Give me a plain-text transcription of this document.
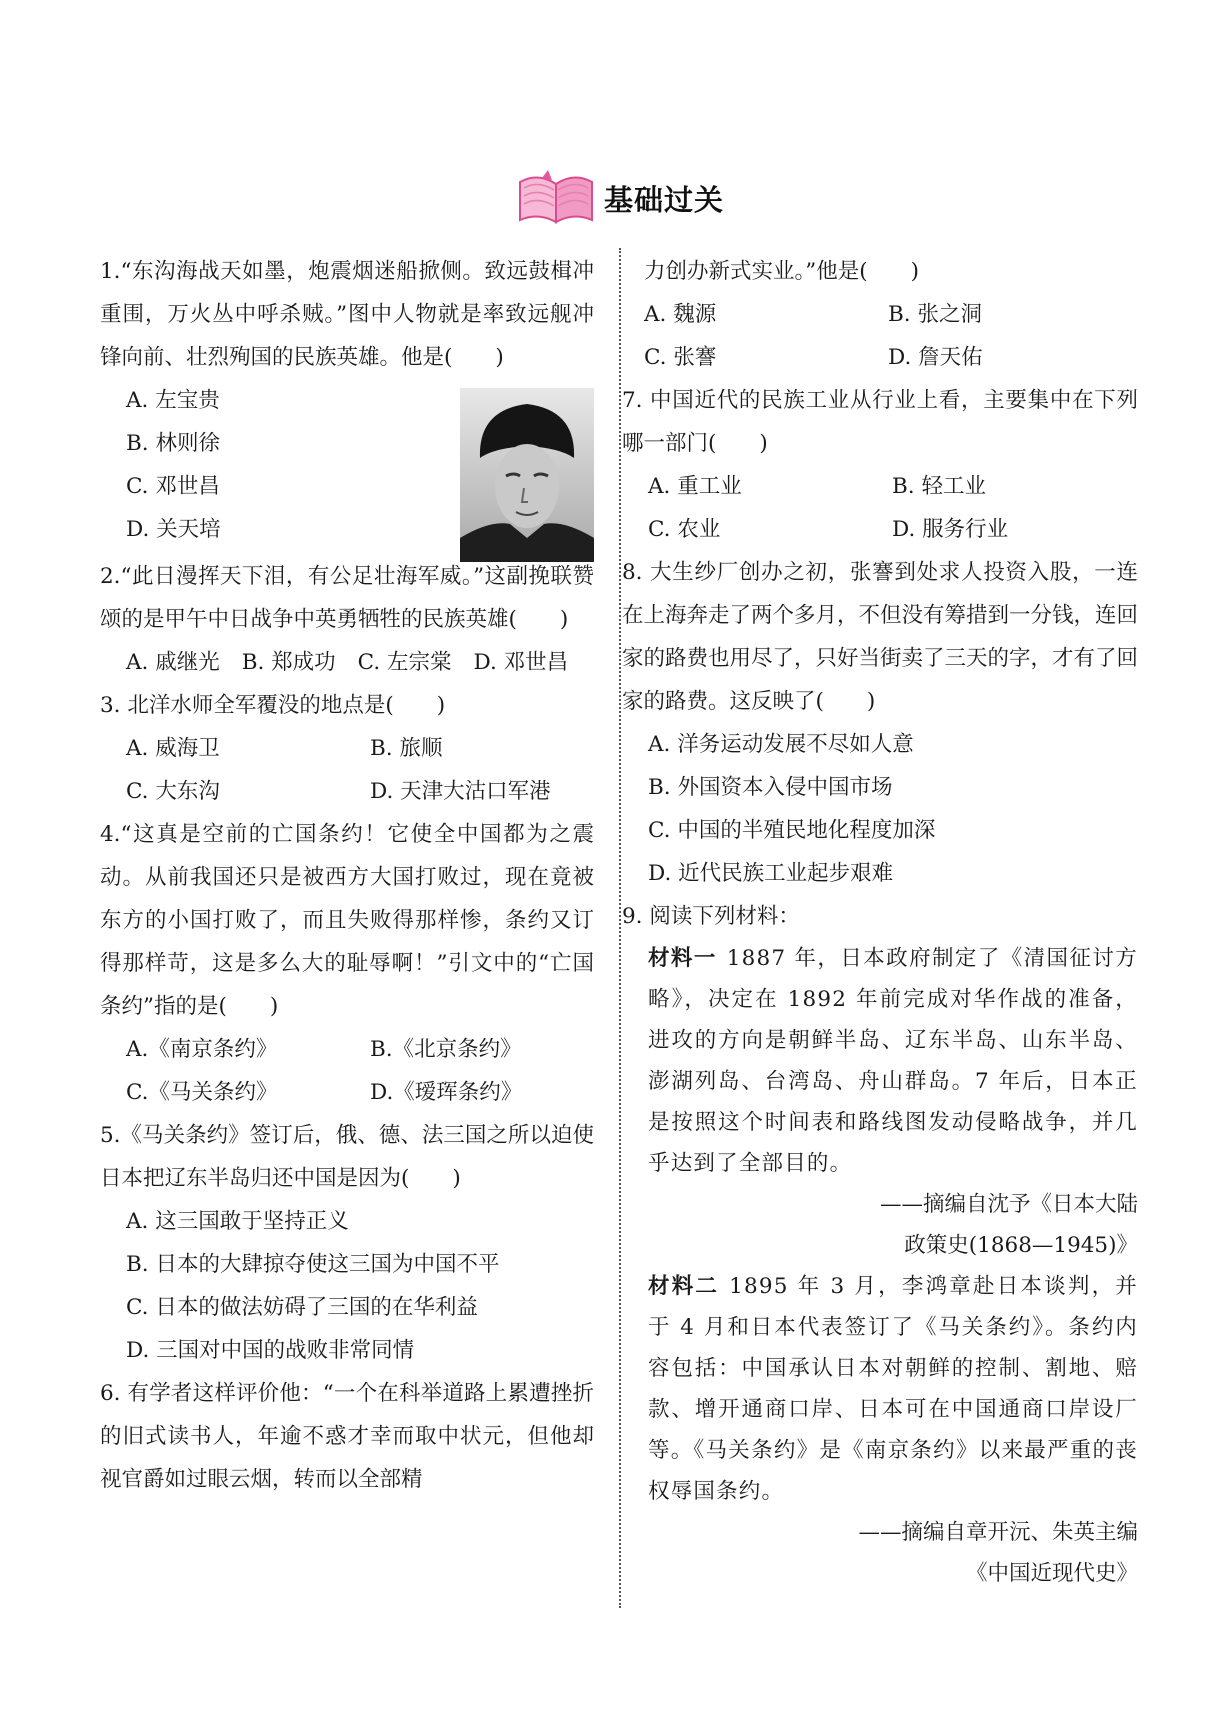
基础过关
1.“东沟海战天如墨，炮震烟迷船掀侧。致远鼓楫冲重围，万火丛中呼杀贼。”图中人物就是率致远舰冲锋向前、壮烈殉国的民族英雄。他是(　　)
A. 左宝贵
B. 林则徐
C. 邓世昌
D. 关天培
2.“此日漫挥天下泪，有公足壮海军威。”这副挽联赞颂的是甲午中日战争中英勇牺牲的民族英雄(　　)
A. 戚继光 B. 郑成功 C. 左宗棠 D. 邓世昌
3. 北洋水师全军覆没的地点是(　　)
A. 威海卫	B. 旅顺
C. 大东沟	D. 天津大沽口军港
4.“这真是空前的亡国条约！它使全中国都为之震动。从前我国还只是被西方大国打败过，现在竟被东方的小国打败了，而且失败得那样惨，条约又订得那样苛，这是多么大的耻辱啊！”引文中的“亡国条约”指的是(　　)
A.《南京条约》	B.《北京条约》
C.《马关条约》	D.《瑷珲条约》
5.《马关条约》签订后，俄、德、法三国之所以迫使日本把辽东半岛归还中国是因为(　　)
A. 这三国敢于坚持正义
B. 日本的大肆掠夺使这三国为中国不平
C. 日本的做法妨碍了三国的在华利益
D. 三国对中国的战败非常同情
6. 有学者这样评价他：“一个在科举道路上累遭挫折的旧式读书人，年逾不惑才幸而取中状元，但他却视官爵如过眼云烟，转而以全部精
力创办新式实业。”他是(　　)
A. 魏源	B. 张之洞
C. 张謇	D. 詹天佑
7. 中国近代的民族工业从行业上看，主要集中在下列哪一部门(　　)
A. 重工业	B. 轻工业
C. 农业	D. 服务行业
8. 大生纱厂创办之初，张謇到处求人投资入股，一连在上海奔走了两个多月，不但没有筹措到一分钱，连回家的路费也用尽了，只好当街卖了三天的字，才有了回家的路费。这反映了(　　)
A. 洋务运动发展不尽如人意
B. 外国资本入侵中国市场
C. 中国的半殖民地化程度加深
D. 近代民族工业起步艰难
9. 阅读下列材料：
材料一 1887 年，日本政府制定了《清国征讨方略》，决定在 1892 年前完成对华作战的准备，进攻的方向是朝鲜半岛、辽东半岛、山东半岛、澎湖列岛、台湾岛、舟山群岛。7 年后，日本正是按照这个时间表和路线图发动侵略战争，并几乎达到了全部目的。
——摘编自沈予《日本大陆
政策史(1868—1945)》
材料二 1895 年 3 月，李鸿章赴日本谈判，并于 4 月和日本代表签订了《马关条约》。条约内容包括：中国承认日本对朝鲜的控制、割地、赔款、增开通商口岸、日本可在中国通商口岸设厂等。《马关条约》是《南京条约》以来最严重的丧权辱国条约。
——摘编自章开沅、朱英主编
《中国近现代史》
